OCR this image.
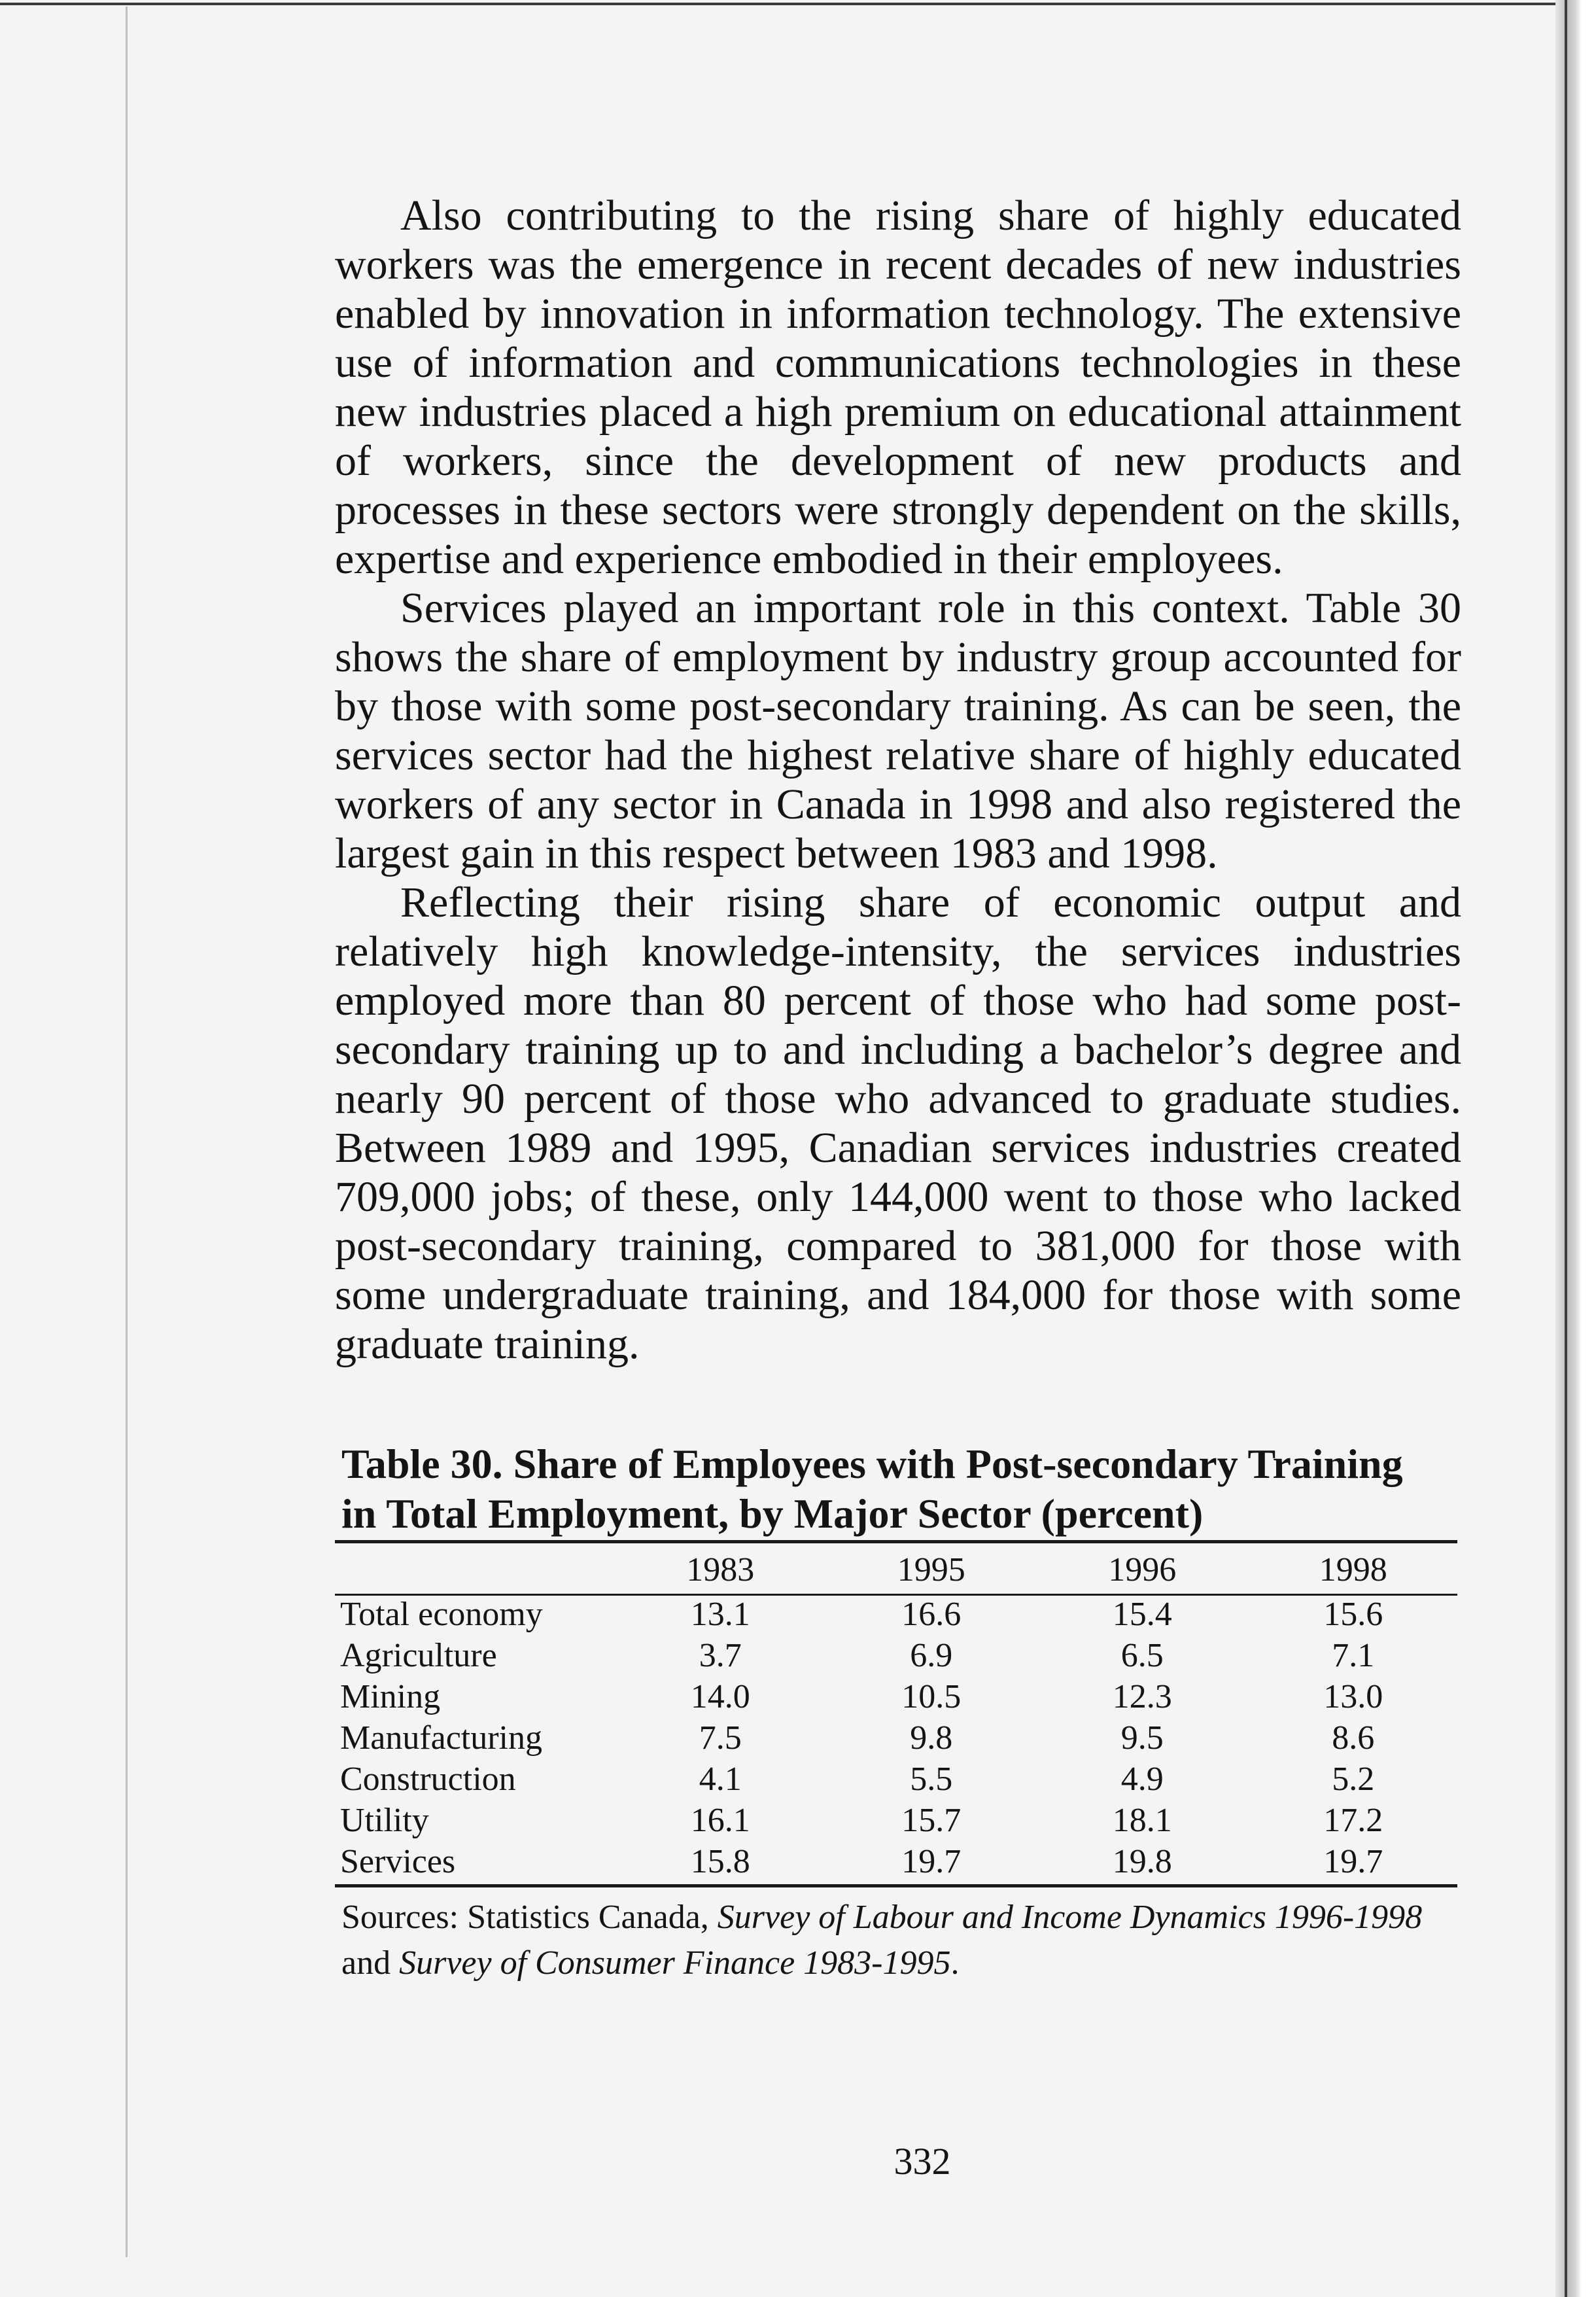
Also contributing to the rising share of highly educated workers was the emergence in recent decades of new industries enabled by innovation in information technology. The extensive use of information and communications technologies in these new industries placed a high premium on educational attainment of workers, since the development of new products and processes in these sectors were strongly dependent on the skills, expertise and experience embodied in their employees.

Services played an important role in this context. Table 30 shows the share of employment by industry group accounted for by those with some post-secondary training. As can be seen, the services sector had the highest relative share of highly educated workers of any sector in Canada in 1998 and also registered the largest gain in this respect between 1983 and 1998.

Reflecting their rising share of economic output and relatively high knowledge-intensity, the services industries employed more than 80 percent of those who had some post-secondary training up to and including a bachelor’s degree and nearly 90 percent of those who advanced to graduate studies. Between 1989 and 1995, Canadian services industries created 709,000 jobs; of these, only 144,000 went to those who lacked post-secondary training, compared to 381,000 for those with some undergraduate training, and 184,000 for those with some graduate training.

Table 30. Share of Employees with Post-secondary Training
in Total Employment, by Major Sector (percent)
	1983	1995	1996	1998
Total economy	13.1	16.6	15.4	15.6
Agriculture	3.7	6.9	6.5	7.1
Mining	14.0	10.5	12.3	13.0
Manufacturing	7.5	9.8	9.5	8.6
Construction	4.1	5.5	4.9	5.2
Utility	16.1	15.7	18.1	17.2
Services	15.8	19.7	19.8	19.7
Sources: Statistics Canada, Survey of Labour and Income Dynamics 1996-1998 and Survey of Consumer Finance 1983-1995.
332
